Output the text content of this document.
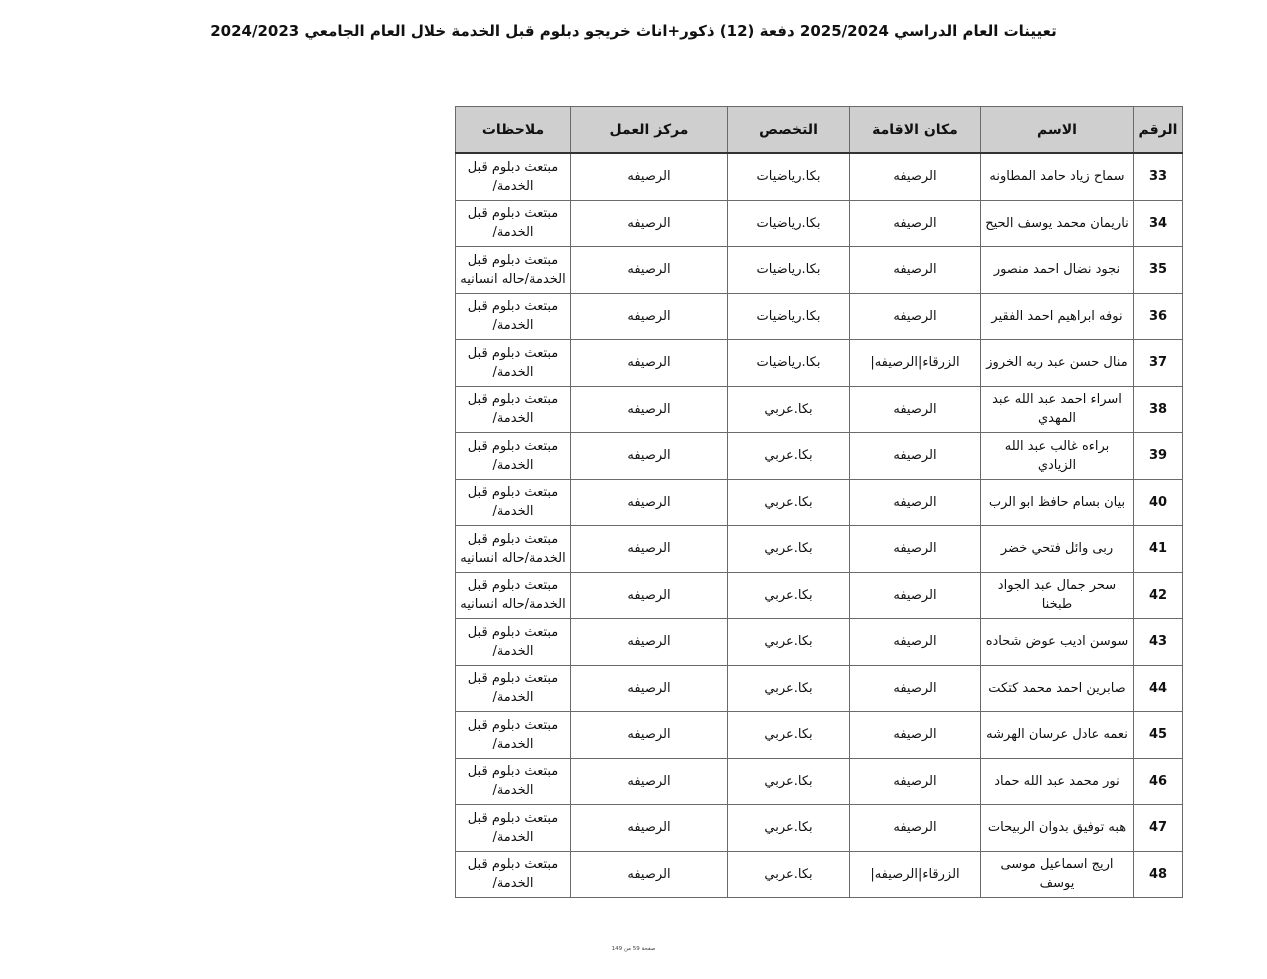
تعيينات العام الدراسي 2025/2024 دفعة (12) ذكور+اناث خريجو دبلوم قبل الخدمة خلال العام الجامعي 2024/2023
الرقم	الاسم	مكان الاقامة	التخصص	مركز العمل	ملاحظات
33	سماح زياد حامد المطاونه	الرصيفه	بكا.رياضيات	الرصيفه	مبتعث دبلوم قبل الخدمة/
34	ناريمان محمد يوسف الحيح	الرصيفه	بكا.رياضيات	الرصيفه	مبتعث دبلوم قبل الخدمة/
35	نجود نضال احمد منصور	الرصيفه	بكا.رياضيات	الرصيفه	مبتعث دبلوم قبل الخدمة/حاله انسانيه
36	نوفه ابراهيم احمد الفقير	الرصيفه	بكا.رياضيات	الرصيفه	مبتعث دبلوم قبل الخدمة/
37	منال حسن عبد ربه الخروز	الزرقاء|الرصيفه|	بكا.رياضيات	الرصيفه	مبتعث دبلوم قبل الخدمة/
38	اسراء احمد عبد الله عبد المهدي	الرصيفه	بكا.عربي	الرصيفه	مبتعث دبلوم قبل الخدمة/
39	براءه غالب عبد الله الزيادي	الرصيفه	بكا.عربي	الرصيفه	مبتعث دبلوم قبل الخدمة/
40	بيان بسام حافظ ابو الرب	الرصيفه	بكا.عربي	الرصيفه	مبتعث دبلوم قبل الخدمة/
41	ربى وائل فتحي خضر	الرصيفه	بكا.عربي	الرصيفه	مبتعث دبلوم قبل الخدمة/حاله انسانيه
42	سحر جمال عبد الجواد طبخنا	الرصيفه	بكا.عربي	الرصيفه	مبتعث دبلوم قبل الخدمة/حاله انسانيه
43	سوسن اديب عوض شحاده	الرصيفه	بكا.عربي	الرصيفه	مبتعث دبلوم قبل الخدمة/
44	صابرين احمد محمد كتكت	الرصيفه	بكا.عربي	الرصيفه	مبتعث دبلوم قبل الخدمة/
45	نعمه عادل عرسان الهرشه	الرصيفه	بكا.عربي	الرصيفه	مبتعث دبلوم قبل الخدمة/
46	نور محمد عبد الله حماد	الرصيفه	بكا.عربي	الرصيفه	مبتعث دبلوم قبل الخدمة/
47	هبه توفيق بدوان الربيحات	الرصيفه	بكا.عربي	الرصيفه	مبتعث دبلوم قبل الخدمة/
48	اريج اسماعيل موسى يوسف	الزرقاء|الرصيفه|	بكا.عربي	الرصيفه	مبتعث دبلوم قبل الخدمة/
صفحة 59 من 149
